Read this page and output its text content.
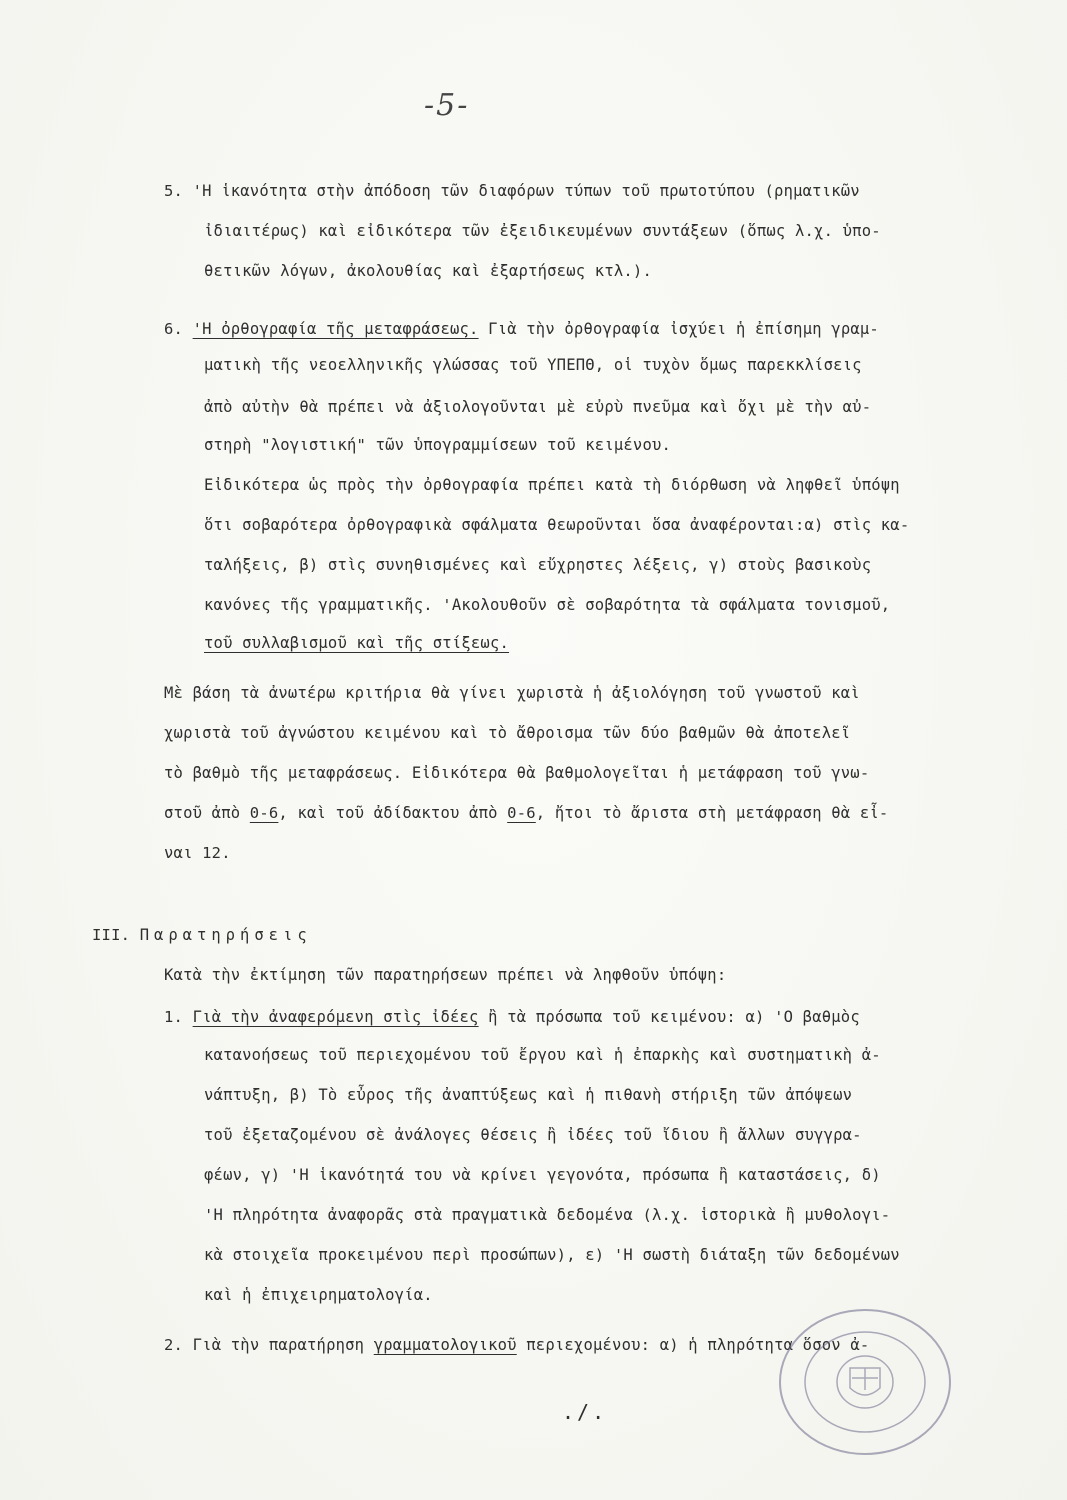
-5-
5. 'Η ἱκανότητα στὴν ἀπόδοση τῶν διαφόρων τύπων τοῦ πρωτοτύπου (ρηματικῶν
ἰδιαιτέρως) καὶ εἰδικότερα τῶν ἐξειδικευμένων συντάξεων (ὅπως λ.χ. ὑπο-
θετικῶν λόγων, ἀκολουθίας καὶ ἐξαρτήσεως κτλ.).
6. 'Η ὀρθογραφία τῆς μεταφράσεως. Γιὰ τὴν ὀρθογραφία ἰσχύει ἡ ἐπίσημη γραμ-
ματικὴ τῆς νεοελληνικῆς γλώσσας τοῦ ΥΠΕΠΘ, οἱ τυχὸν ὅμως παρεκκλίσεις
ἀπὸ αὐτὴν θὰ πρέπει νὰ ἀξιολογοῦνται μὲ εὐρὺ πνεῦμα καὶ ὄχι μὲ τὴν αὐ-
στηρὴ "λογιστική" τῶν ὑπογραμμίσεων τοῦ κειμένου.
Εἰδικότερα ὡς πρὸς τὴν ὀρθογραφία πρέπει κατὰ τὴ διόρθωση νὰ ληφθεῖ ὑπόψη
ὅτι σοβαρότερα ὀρθογραφικὰ σφάλματα θεωροῦνται ὅσα ἀναφέρονται:α) στὶς κα-
ταλήξεις, β) στὶς συνηθισμένες καὶ εὔχρηστες λέξεις, γ) στοὺς βασικοὺς
κανόνες τῆς γραμματικῆς. 'Ακολουθοῦν σὲ σοβαρότητα τὰ σφάλματα τονισμοῦ,
τοῦ συλλαβισμοῦ καὶ τῆς στίξεως.
Μὲ βάση τὰ ἀνωτέρω κριτήρια θὰ γίνει χωριστὰ ἡ ἀξιολόγηση τοῦ γνωστοῦ καὶ
χωριστὰ τοῦ ἀγνώστου κειμένου καὶ τὸ ἄθροισμα τῶν δύο βαθμῶν θὰ ἀποτελεῖ
τὸ βαθμὸ τῆς μεταφράσεως. Εἰδικότερα θὰ βαθμολογεῖται ἡ μετάφραση τοῦ γνω-
στοῦ ἀπὸ 0-6, καὶ τοῦ ἀδίδακτου ἀπὸ 0-6, ἤτοι τὸ ἄριστα στὴ μετάφραση θὰ εἶ-
ναι 12.
III. Παρατηρήσεις
Κατὰ τὴν ἐκτίμηση τῶν παρατηρήσεων πρέπει νὰ ληφθοῦν ὑπόψη:
1. Γιὰ τὴν ἀναφερόμενη στὶς ἰδέες ἢ τὰ πρόσωπα τοῦ κειμένου: α) 'Ο βαθμὸς
κατανοήσεως τοῦ περιεχομένου τοῦ ἔργου καὶ ἡ ἐπαρκὴς καὶ συστηματικὴ ἀ-
νάπτυξη, β) Τὸ εὖρος τῆς ἀναπτύξεως καὶ ἡ πιθανὴ στήριξη τῶν ἀπόψεων
τοῦ ἐξεταζομένου σὲ ἀνάλογες θέσεις ἢ ἰδέες τοῦ ἴδιου ἢ ἄλλων συγγρα-
φέων, γ) 'Η ἱκανότητά του νὰ κρίνει γεγονότα, πρόσωπα ἢ καταστάσεις, δ)
'Η πληρότητα ἀναφορᾶς στὰ πραγματικὰ δεδομένα (λ.χ. ἱστορικὰ ἢ μυθολογι-
κὰ στοιχεῖα προκειμένου περὶ προσώπων), ε) 'Η σωστὴ διάταξη τῶν δεδομένων
καὶ ἡ ἐπιχειρηματολογία.
2. Γιὰ τὴν παρατήρηση γραμματολογικοῦ περιεχομένου: α) ἡ πληρότητα ὅσον ἀ-
./.
